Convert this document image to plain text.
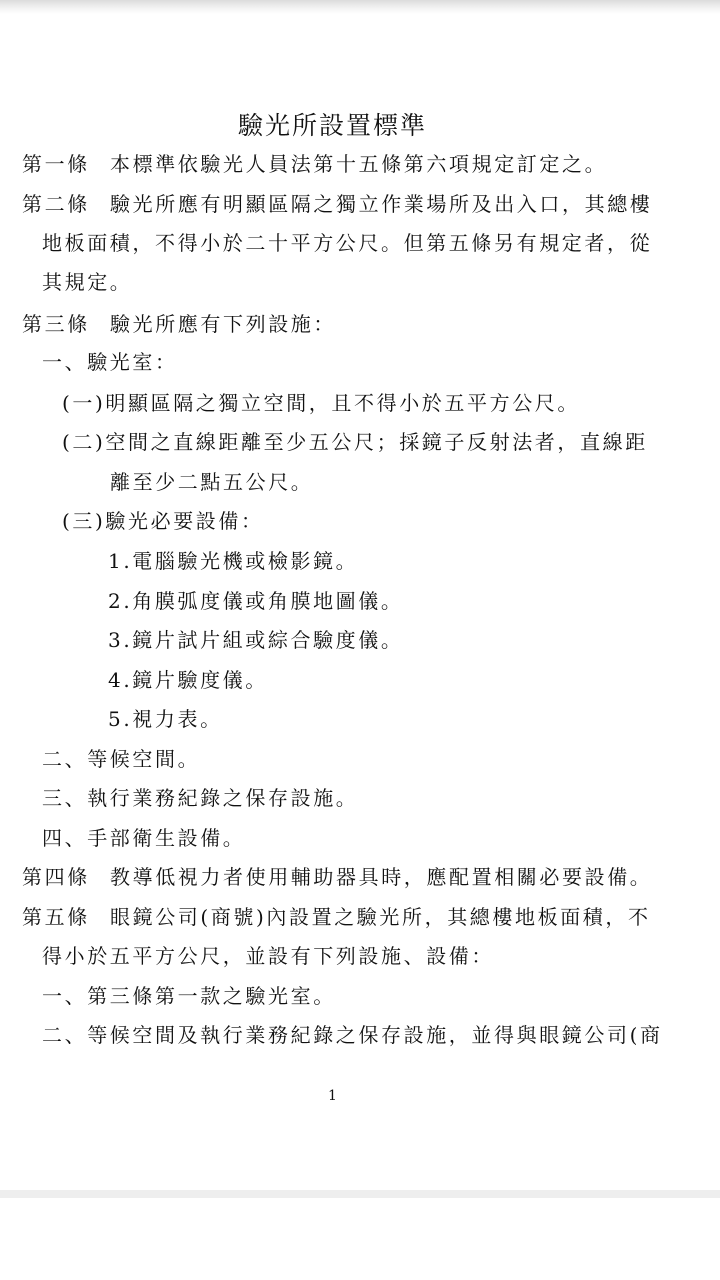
驗光所設置標準
第一條 本標準依驗光人員法第十五條第六項規定訂定之。
第二條 驗光所應有明顯區隔之獨立作業場所及出入口，其總樓
地板面積，不得小於二十平方公尺。但第五條另有規定者，從
其規定。
第三條 驗光所應有下列設施：
一、驗光室：
(一)明顯區隔之獨立空間，且不得小於五平方公尺。
(二)空間之直線距離至少五公尺；採鏡子反射法者，直線距
離至少二點五公尺。
(三)驗光必要設備：
1.電腦驗光機或檢影鏡。
2.角膜弧度儀或角膜地圖儀。
3.鏡片試片組或綜合驗度儀。
4.鏡片驗度儀。
5.視力表。
二、等候空間。
三、執行業務紀錄之保存設施。
四、手部衛生設備。
第四條 教導低視力者使用輔助器具時，應配置相關必要設備。
第五條 眼鏡公司(商號)內設置之驗光所，其總樓地板面積，不
得小於五平方公尺，並設有下列設施、設備：
一、第三條第一款之驗光室。
二、等候空間及執行業務紀錄之保存設施，並得與眼鏡公司(商
1
